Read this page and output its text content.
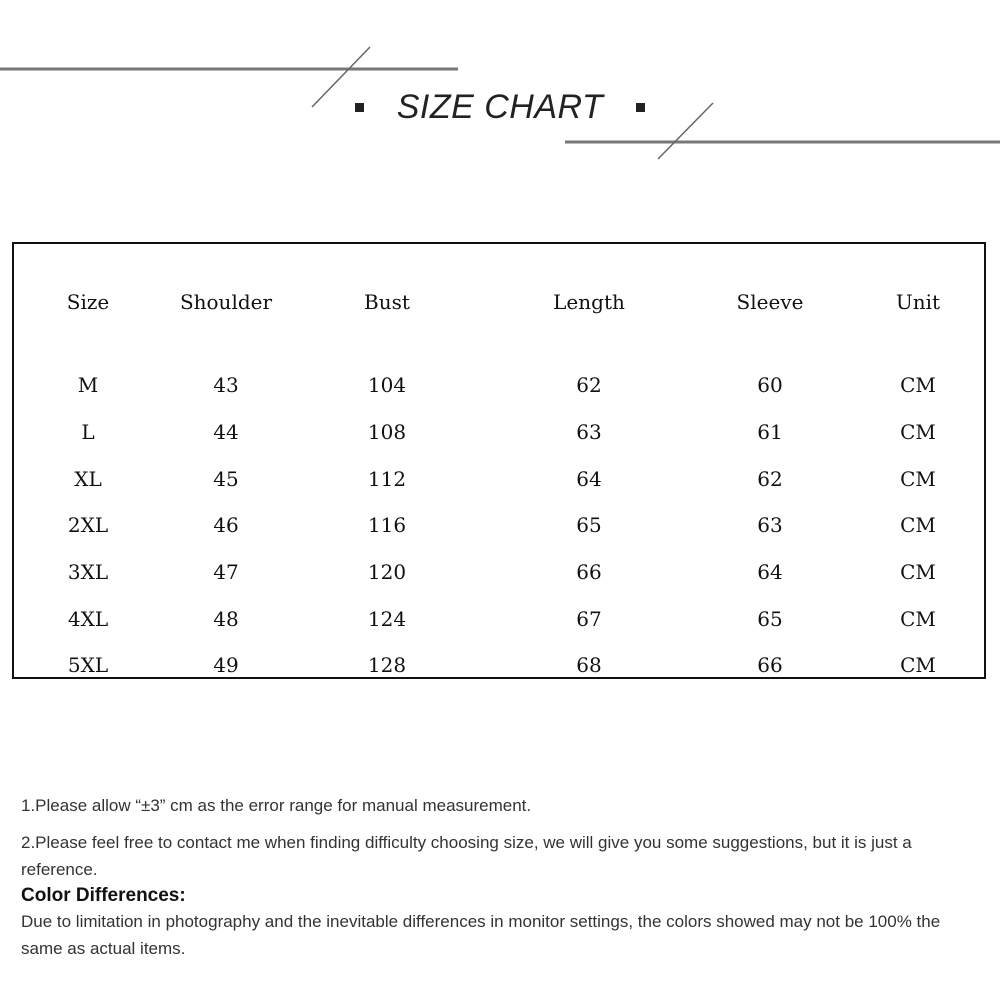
SIZE CHART
Size	Shoulder	Bust	Length	Sleeve	Unit
M	43	104	62	60	CM
L	44	108	63	61	CM
XL	45	112	64	62	CM
2XL	46	116	65	63	CM
3XL	47	120	66	64	CM
4XL	48	124	67	65	CM
5XL	49	128	68	66	CM

1.Please allow “±3” cm as the error range for manual measurement.

2.Please feel free to contact me when finding difficulty choosing size, we will give you some suggestions, but it is just a reference.

Color Differences:

Due to limitation in photography and the inevitable differences in monitor settings, the colors showed may not be 100% the same as actual items.
